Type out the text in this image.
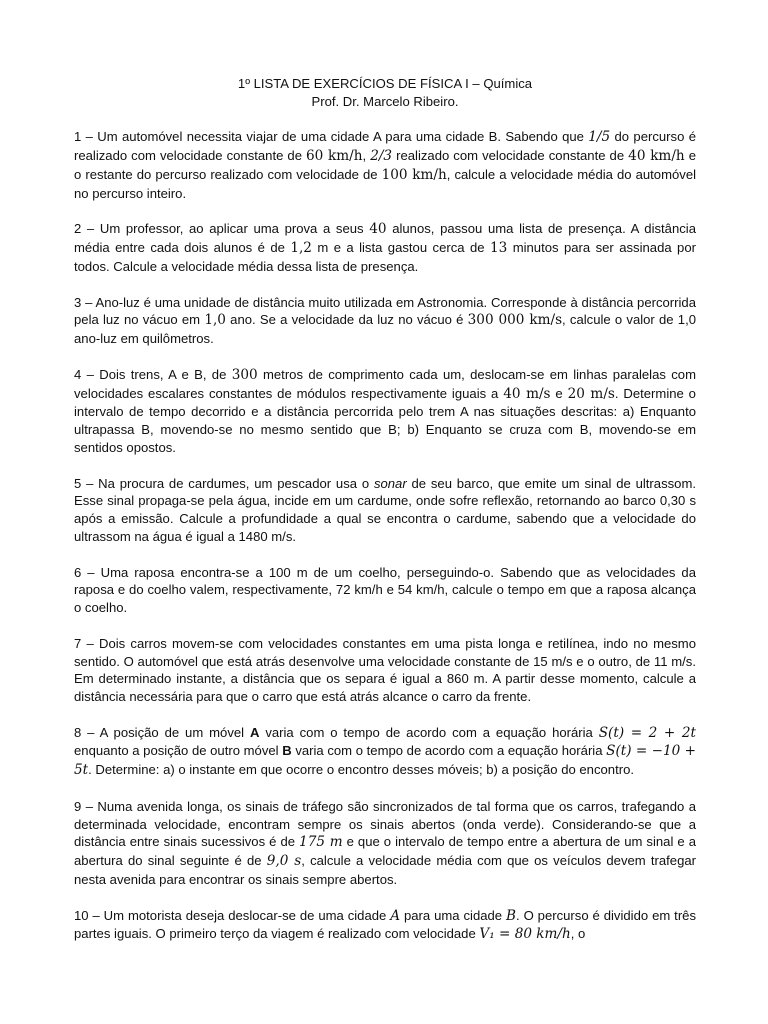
1º LISTA DE EXERCÍCIOS DE FÍSICA I – Química

Prof. Dr. Marcelo Ribeiro.

1 – Um automóvel necessita viajar de uma cidade A para uma cidade B. Sabendo que 1/5 do percurso é realizado com velocidade constante de 60 km/h, 2/3 realizado com velocidade constante de 40 km/h e o restante do percurso realizado com velocidade de 100 km/h, calcule a velocidade média do automóvel no percurso inteiro.

2 – Um professor, ao aplicar uma prova a seus 40 alunos, passou uma lista de presença. A distância média entre cada dois alunos é de 1,2 m e a lista gastou cerca de 13 minutos para ser assinada por todos. Calcule a velocidade média dessa lista de presença.

3 – Ano-luz é uma unidade de distância muito utilizada em Astronomia. Corresponde à distância percorrida pela luz no vácuo em 1,0 ano. Se a velocidade da luz no vácuo é 300 000 km/s, calcule o valor de 1,0 ano-luz em quilômetros.

4 – Dois trens, A e B, de 300 metros de comprimento cada um, deslocam-se em linhas paralelas com velocidades escalares constantes de módulos respectivamente iguais a 40 m/s e 20 m/s. Determine o intervalo de tempo decorrido e a distância percorrida pelo trem A nas situações descritas: a) Enquanto ultrapassa B, movendo-se no mesmo sentido que B; b) Enquanto se cruza com B, movendo-se em sentidos opostos.

5 – Na procura de cardumes, um pescador usa o sonar de seu barco, que emite um sinal de ultrassom. Esse sinal propaga-se pela água, incide em um cardume, onde sofre reflexão, retornando ao barco 0,30 s após a emissão. Calcule a profundidade a qual se encontra o cardume, sabendo que a velocidade do ultrassom na água é igual a 1480 m/s.

6 – Uma raposa encontra-se a 100 m de um coelho, perseguindo-o. Sabendo que as velocidades da raposa e do coelho valem, respectivamente, 72 km/h e 54 km/h, calcule o tempo em que a raposa alcança o coelho.

7 – Dois carros movem-se com velocidades constantes em uma pista longa e retilínea, indo no mesmo sentido. O automóvel que está atrás desenvolve uma velocidade constante de 15 m/s e o outro, de 11 m/s. Em determinado instante, a distância que os separa é igual a 860 m. A partir desse momento, calcule a distância necessária para que o carro que está atrás alcance o carro da frente.

8 – A posição de um móvel A varia com o tempo de acordo com a equação horária S(t) = 2 + 2t enquanto a posição de outro móvel B varia com o tempo de acordo com a equação horária S(t) = −10 + 5t. Determine: a) o instante em que ocorre o encontro desses móveis; b) a posição do encontro.

9 – Numa avenida longa, os sinais de tráfego são sincronizados de tal forma que os carros, trafegando a determinada velocidade, encontram sempre os sinais abertos (onda verde). Considerando-se que a distância entre sinais sucessivos é de 175 m e que o intervalo de tempo entre a abertura de um sinal e a abertura do sinal seguinte é de 9,0 s, calcule a velocidade média com que os veículos devem trafegar nesta avenida para encontrar os sinais sempre abertos.

10 – Um motorista deseja deslocar-se de uma cidade A para uma cidade B. O percurso é dividido em três partes iguais. O primeiro terço da viagem é realizado com velocidade V₁ = 80 km/h, o
